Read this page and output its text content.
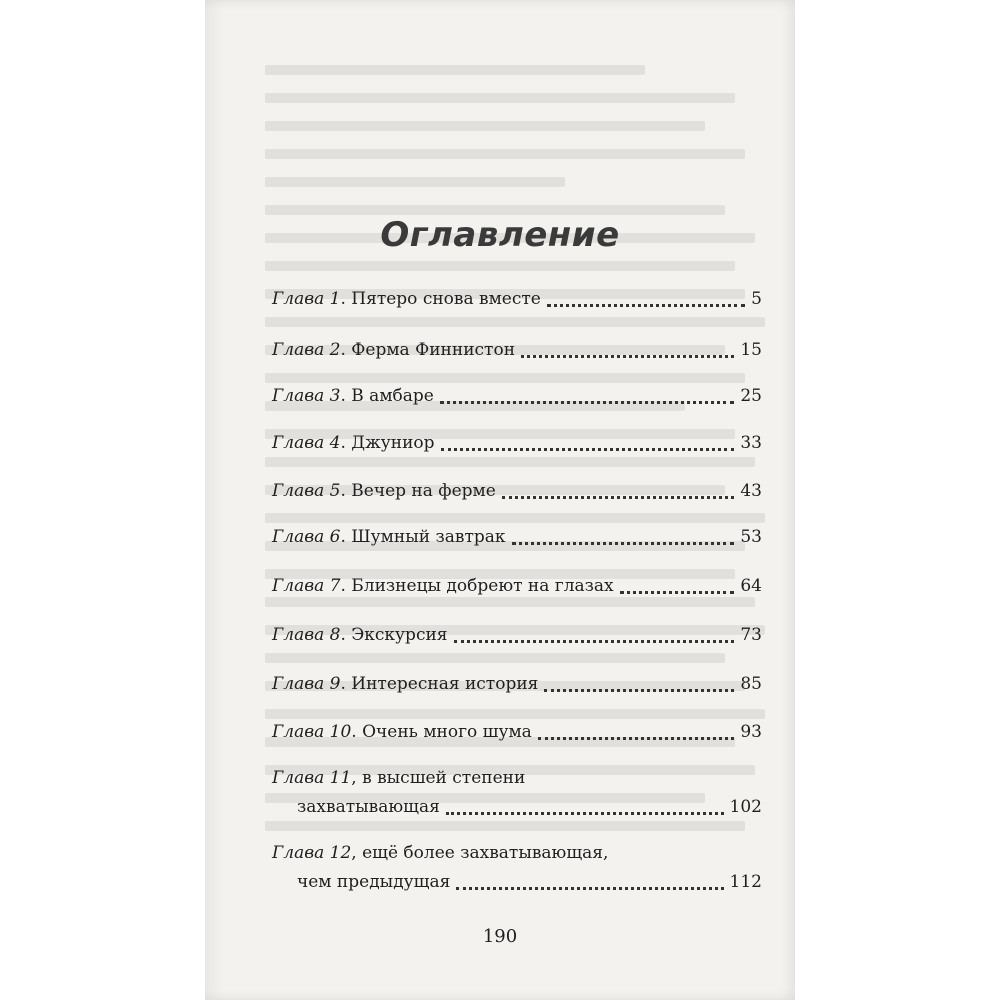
Оглавление
Глава 1 . Пятеро снова вместе	5
Глава 2 . Ферма Финнистон	15
Глава 3 . В амбаре	25
Глава 4 . Джуниор	33
Глава 5 . Вечер на ферме	43
Глава 6 . Шумный завтрак	53
Глава 7 . Близнецы добреют на глазах	64
Глава 8 . Экскурсия	73
Глава 9 . Интересная история	85
Глава 10 . Очень много шума	93
Глава 11 , в высшей степени
захватывающая	102
Глава 12 , ещё более захватывающая,
чем предыдущая	112
190
